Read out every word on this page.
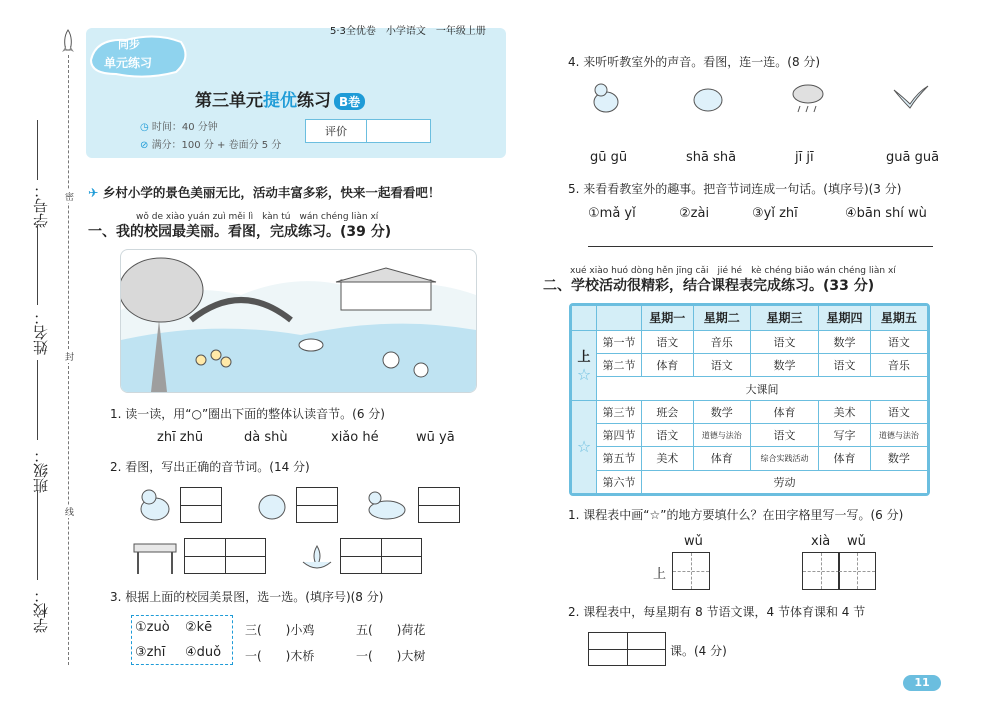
密
封
线
学号：
姓名：
班级：
学校：
同步
单元练习
5·3全优卷　小学语文　一年级上册
第三单元提优练习 B卷
◷ 时间：40 分钟
⊘ 满分：100 分 + 卷面分 5 分
评价
✈ 乡村小学的景色美丽无比，活动丰富多彩，快来一起看看吧！
wǒ de xiào yuán zuì měi lì　kàn tú　wán chéng liàn xí
一、我的校园最美丽。看图，完成练习。(39 分)
1. 读一读，用“○”圈出下面的整体认读音节。(6 分)
zhī zhū	dà shù	xiǎo hé	wū yā
2. 看图，写出正确的音节词。(14 分)
3. 根据上面的校园美景图，选一选。(填序号)(8 分)
①zuò ②kē
③zhī ④duǒ
三(　　)小鸡	五(　　)荷花
一(　　)木桥	一(　　)大树
4. 来听听教室外的声音。看图，连一连。(8 分)
gū gū	shā shā	jī jī	guā guā
5. 来看看教室外的趣事。把音节词连成一句话。(填序号)(3 分)
①mǎ yǐ	②zài	③yǐ zhī	④bān shí wù
xué xiào huó dòng hěn jīng cǎi　jié hé　kè chéng biǎo wán chéng liàn xí
二、学校活动很精彩，结合课程表完成练习。(33 分)
		星期一	星期二	星期三	星期四	星期五

上
☆	第一节	语文	音乐	语文	数学	语文
	第二节	体育	语文	数学	语文	音乐
	大课间					

☆	第三节	班会	数学	体育	美术	语文
	第四节	语文	道德与法治	语文	写字	道德与法治
	第五节	美术	体育	综合实践活动	体育	数学
	第六节	劳动				
1. 课程表中画“☆”的地方要填什么？在田字格里写一写。(6 分)
wǔ
上
xià wǔ
2. 课程表中，每星期有 8 节语文课，4 节体育课和 4 节
课。(4 分)
11
